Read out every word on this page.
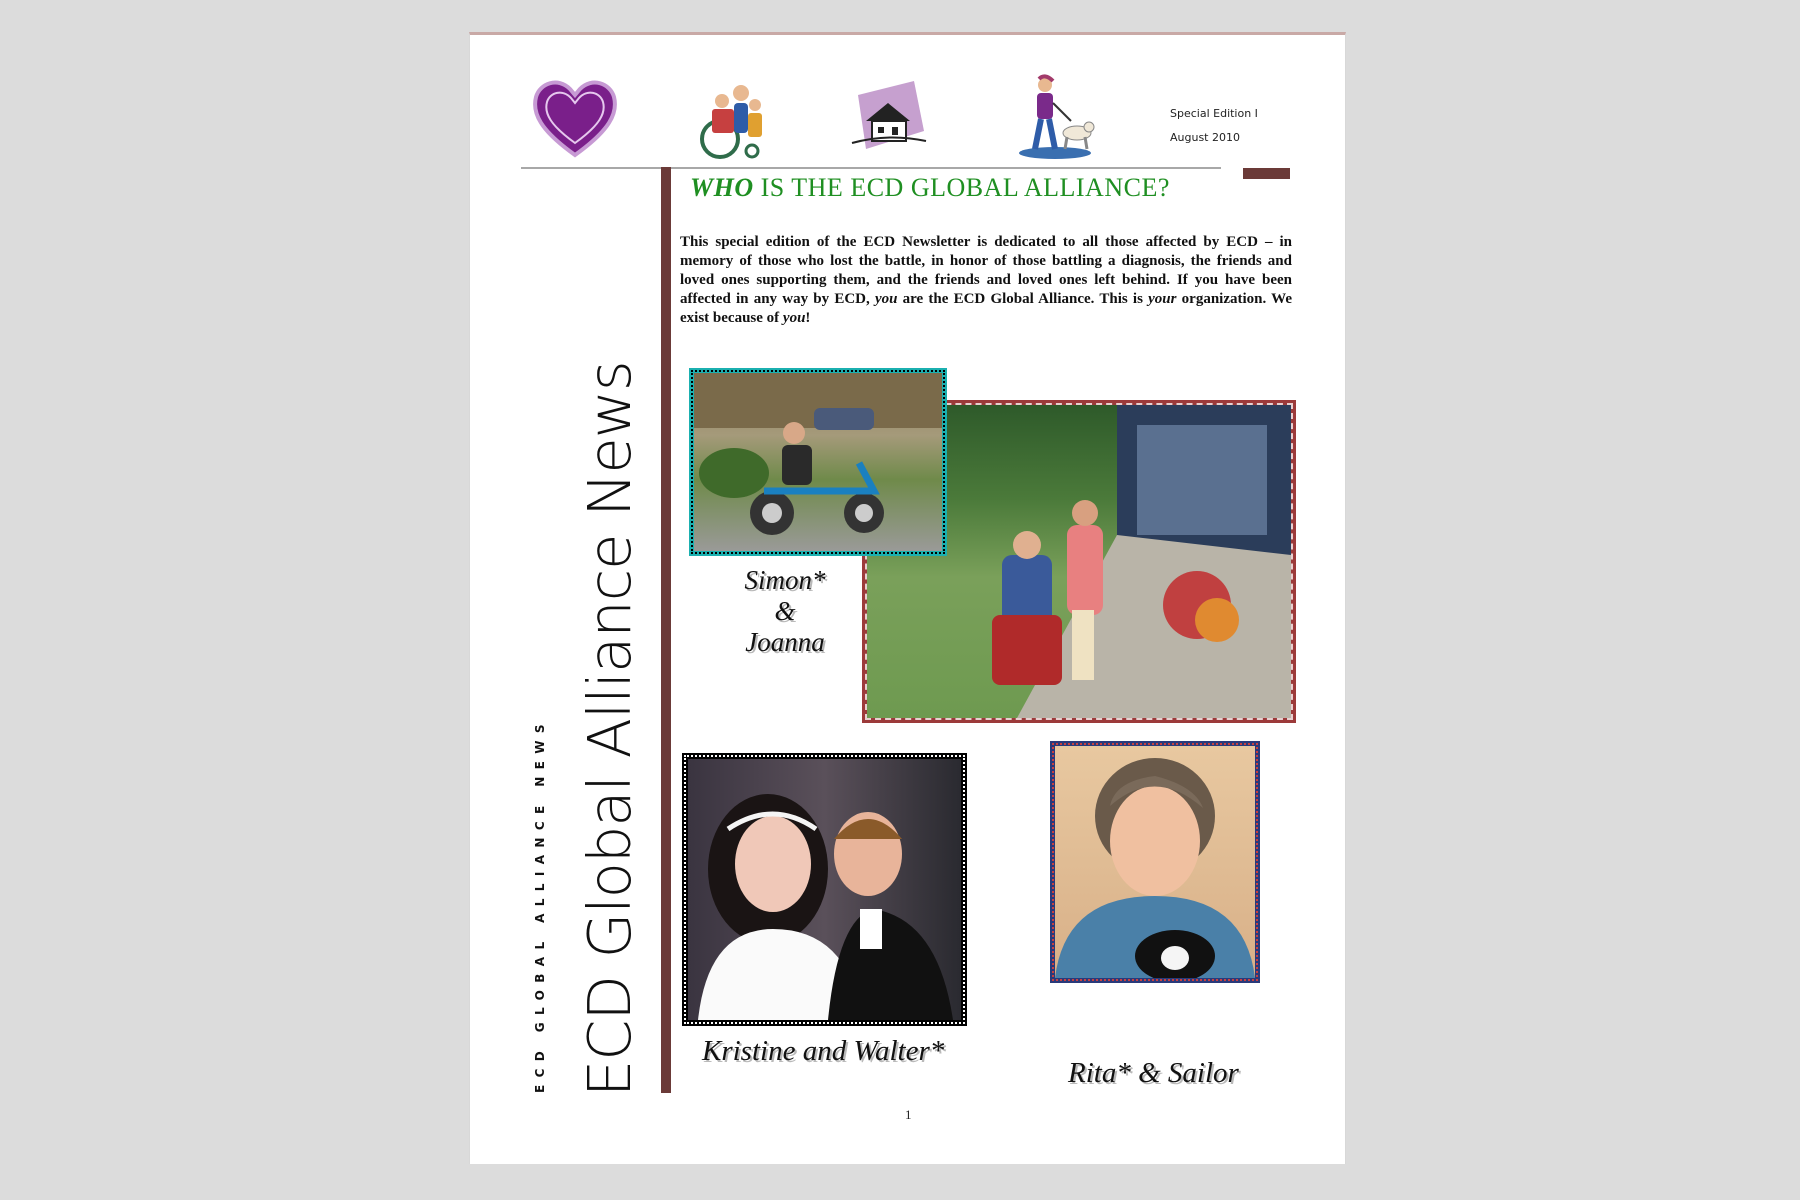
Special Edition I
August 2010
ECD Global Alliance News
ECD GLOBAL ALLIANCE NEWS
WHO IS THE ECD GLOBAL ALLIANCE?
This special edition of the ECD Newsletter is dedicated to all those affected by ECD – in memory of those who lost the battle, in honor of those battling a diagnosis, the friends and loved ones supporting them, and the friends and loved ones left behind. If you have been affected in any way by ECD, you are the ECD Global Alliance. This is your organization. We exist because of you!
Simon*
&
Joanna
Kristine and Walter*
Rita* & Sailor
1
